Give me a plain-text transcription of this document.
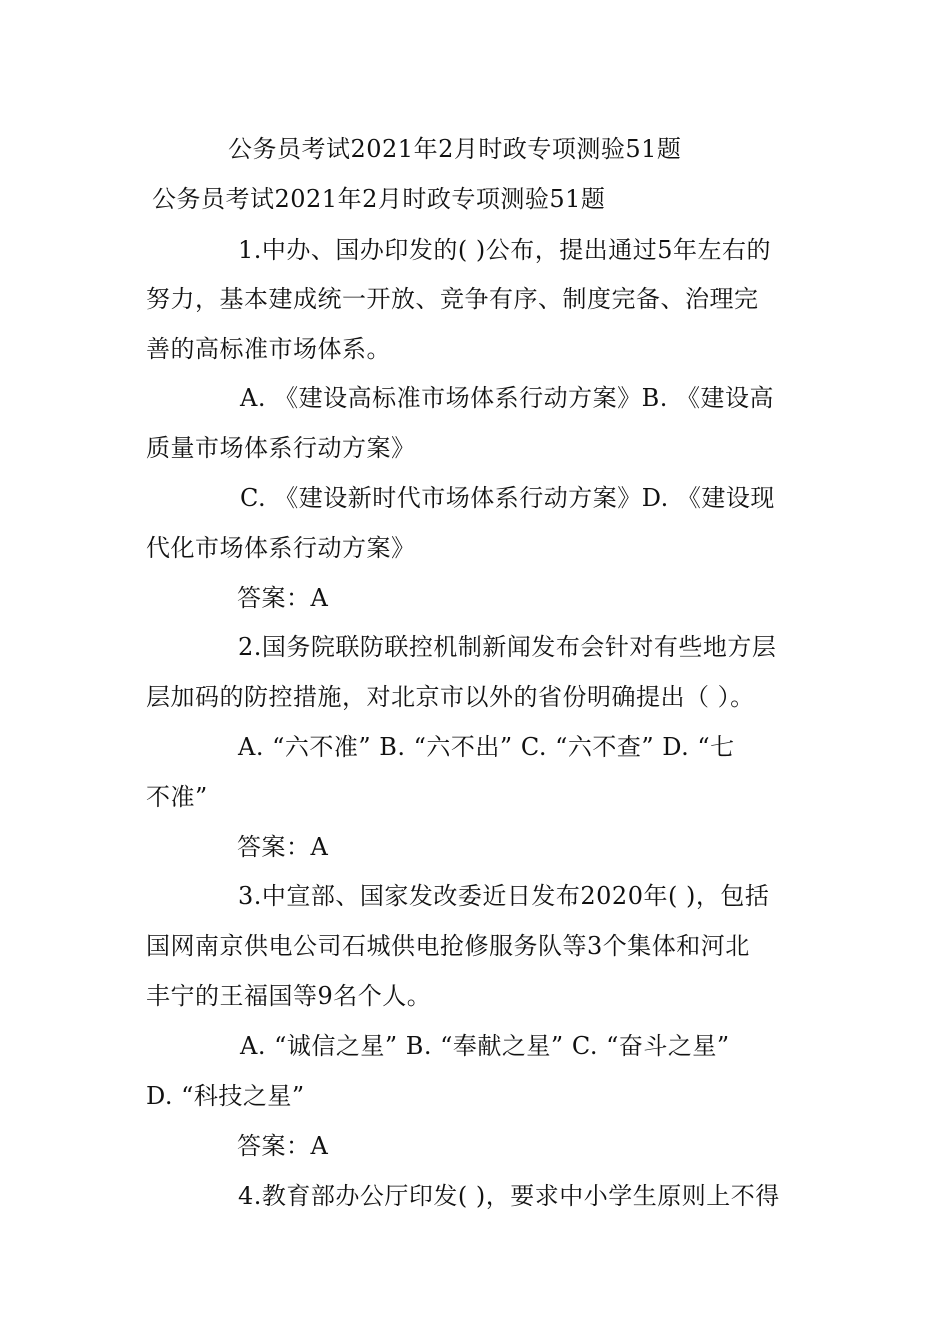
公务员考试2021年2月时政专项测验51题
公务员考试2021年2月时政专项测验51题
1.中办、国办印发的( )公布，提出通过5年左右的
努力，基本建成统一开放、竞争有序、制度完备、治理完
善的高标准市场体系。
A. 《建设高标准市场体系行动方案》B. 《建设高
质量市场体系行动方案》
C. 《建设新时代市场体系行动方案》D. 《建设现
代化市场体系行动方案》
答案：A
2.国务院联防联控机制新闻发布会针对有些地方层
层加码的防控措施，对北京市以外的省份明确提出（ ）。
A. “六不准” B. “六不出” C. “六不查” D. “七
不准”
答案：A
3.中宣部、国家发改委近日发布2020年( )，包括
国网南京供电公司石城供电抢修服务队等3个集体和河北
丰宁的王福国等9名个人。
A. “诚信之星” B. “奉献之星” C. “奋斗之星”
D. “科技之星”
答案：A
4.教育部办公厅印发( )，要求中小学生原则上不得
